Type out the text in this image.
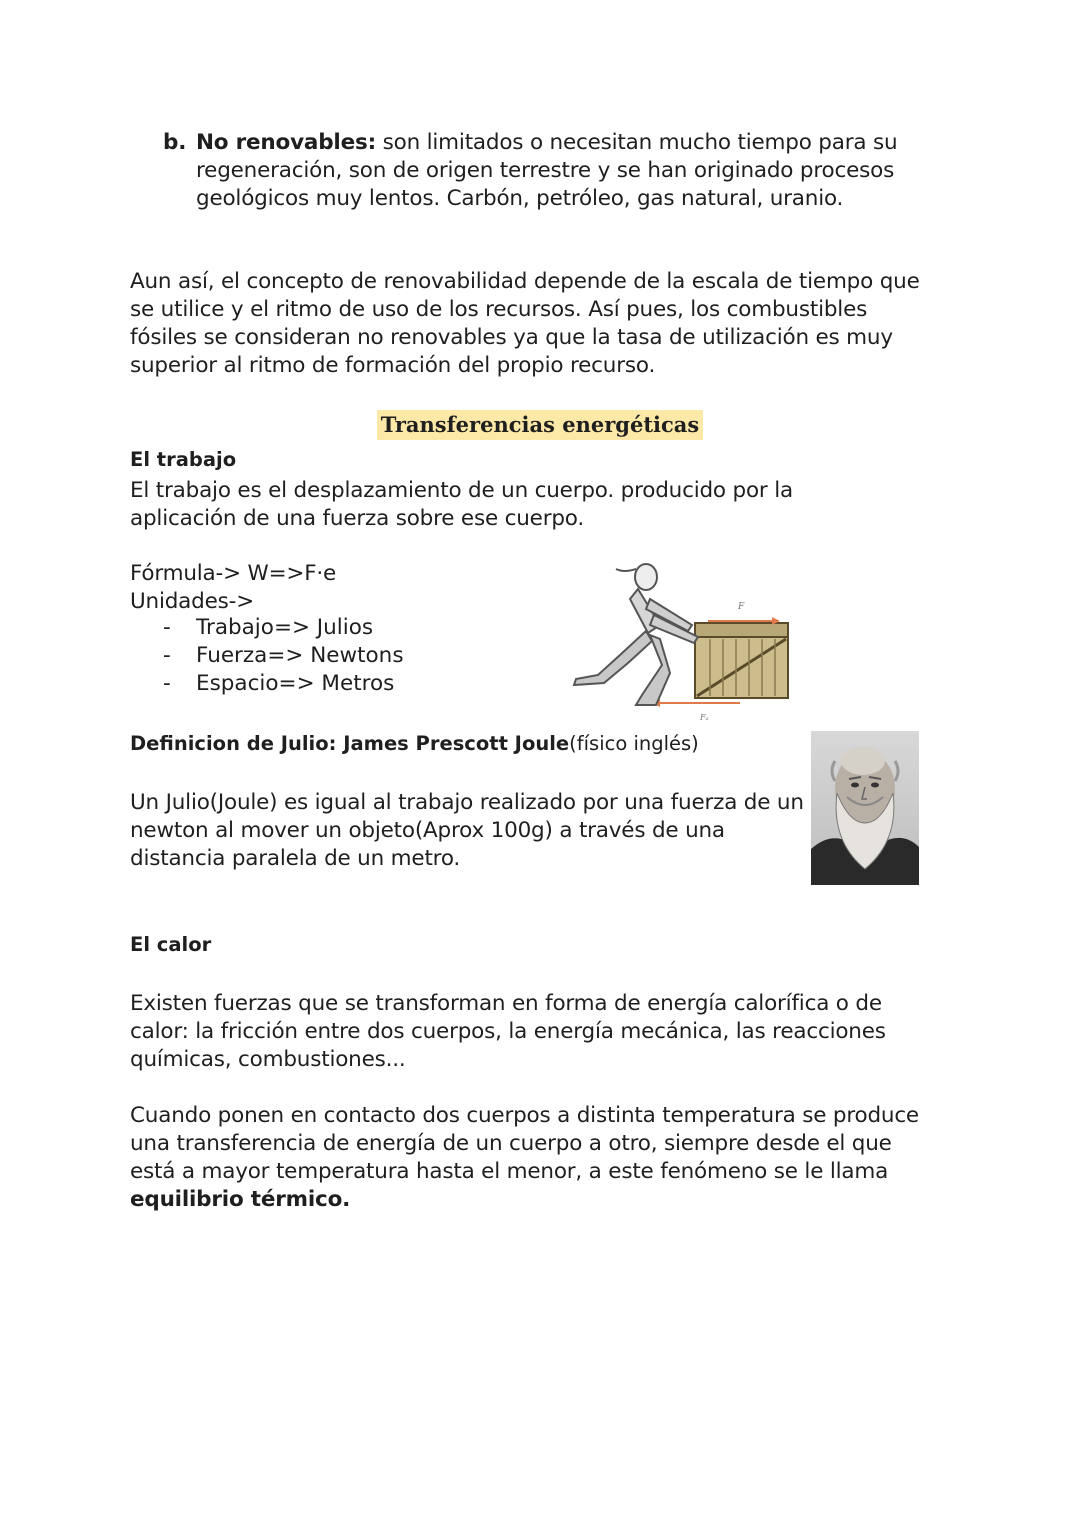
b. No renovables: son limitados o necesitan mucho tiempo para su regeneración, son de origen terrestre y se han originado procesos geológicos muy lentos. Carbón, petróleo, gas natural, uranio.

Aun así, el concepto de renovabilidad depende de la escala de tiempo que se utilice y el ritmo de uso de los recursos. Así pues, los combustibles fósiles se consideran no renovables ya que la tasa de utilización es muy superior al ritmo de formación del propio recurso.

Transferencias energéticas
El trabajo

El trabajo es el desplazamiento de un cuerpo. producido por la aplicación de una fuerza sobre ese cuerpo.

Fórmula-> W=>F·e
Unidades->
- Trabajo=> Julios
- Fuerza=> Newtons
- Espacio=> Metros
F
Fₐ
Definicion de Julio: James Prescott Joule(físico inglés)

Un Julio(Joule) es igual al trabajo realizado por una fuerza de un newton al mover un objeto(Aprox 100g) a través de una distancia paralela de un metro.

El calor

Existen fuerzas que se transforman en forma de energía calorífica o de calor: la fricción entre dos cuerpos, la energía mecánica, las reacciones químicas, combustiones...

Cuando ponen en contacto dos cuerpos a distinta temperatura se produce una transferencia de energía de un cuerpo a otro, siempre desde el que está a mayor temperatura hasta el menor, a este fenómeno se le llama equilibrio térmico.
